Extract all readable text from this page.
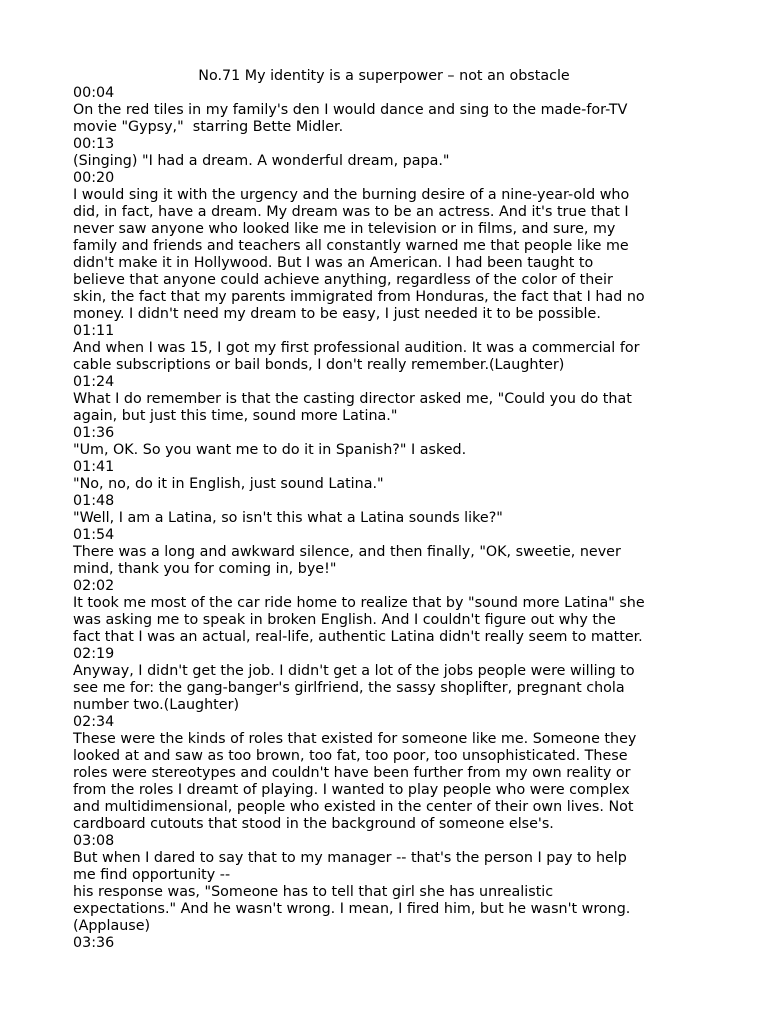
No.71 My identity is a superpower – not an obstacle
00:04
On the red tiles in my family's den I would dance and sing to the made-for-TV
movie "Gypsy,"  starring Bette Midler.
00:13
(Singing) "I had a dream. A wonderful dream, papa."
00:20
I would sing it with the urgency and the burning desire of a nine-year-old who
did, in fact, have a dream. My dream was to be an actress. And it's true that I
never saw anyone who looked like me in television or in films, and sure, my
family and friends and teachers all constantly warned me that people like me
didn't make it in Hollywood. But I was an American. I had been taught to
believe that anyone could achieve anything, regardless of the color of their
skin, the fact that my parents immigrated from Honduras, the fact that I had no
money. I didn't need my dream to be easy, I just needed it to be possible.
01:11
And when I was 15, I got my first professional audition. It was a commercial for
cable subscriptions or bail bonds, I don't really remember.(Laughter)
01:24
What I do remember is that the casting director asked me, "Could you do that
again, but just this time, sound more Latina."
01:36
"Um, OK. So you want me to do it in Spanish?" I asked.
01:41
"No, no, do it in English, just sound Latina."
01:48
"Well, I am a Latina, so isn't this what a Latina sounds like?"
01:54
There was a long and awkward silence, and then finally, "OK, sweetie, never
mind, thank you for coming in, bye!"
02:02
It took me most of the car ride home to realize that by "sound more Latina" she
was asking me to speak in broken English. And I couldn't figure out why the
fact that I was an actual, real-life, authentic Latina didn't really seem to matter.
02:19
Anyway, I didn't get the job. I didn't get a lot of the jobs people were willing to
see me for: the gang-banger's girlfriend, the sassy shoplifter, pregnant chola
number two.(Laughter)
02:34
These were the kinds of roles that existed for someone like me. Someone they
looked at and saw as too brown, too fat, too poor, too unsophisticated. These
roles were stereotypes and couldn't have been further from my own reality or
from the roles I dreamt of playing. I wanted to play people who were complex
and multidimensional, people who existed in the center of their own lives. Not
cardboard cutouts that stood in the background of someone else's.
03:08
But when I dared to say that to my manager -- that's the person I pay to help
me find opportunity --
his response was, "Someone has to tell that girl she has unrealistic
expectations." And he wasn't wrong. I mean, I fired him, but he wasn't wrong.
(Applause)
03:36
